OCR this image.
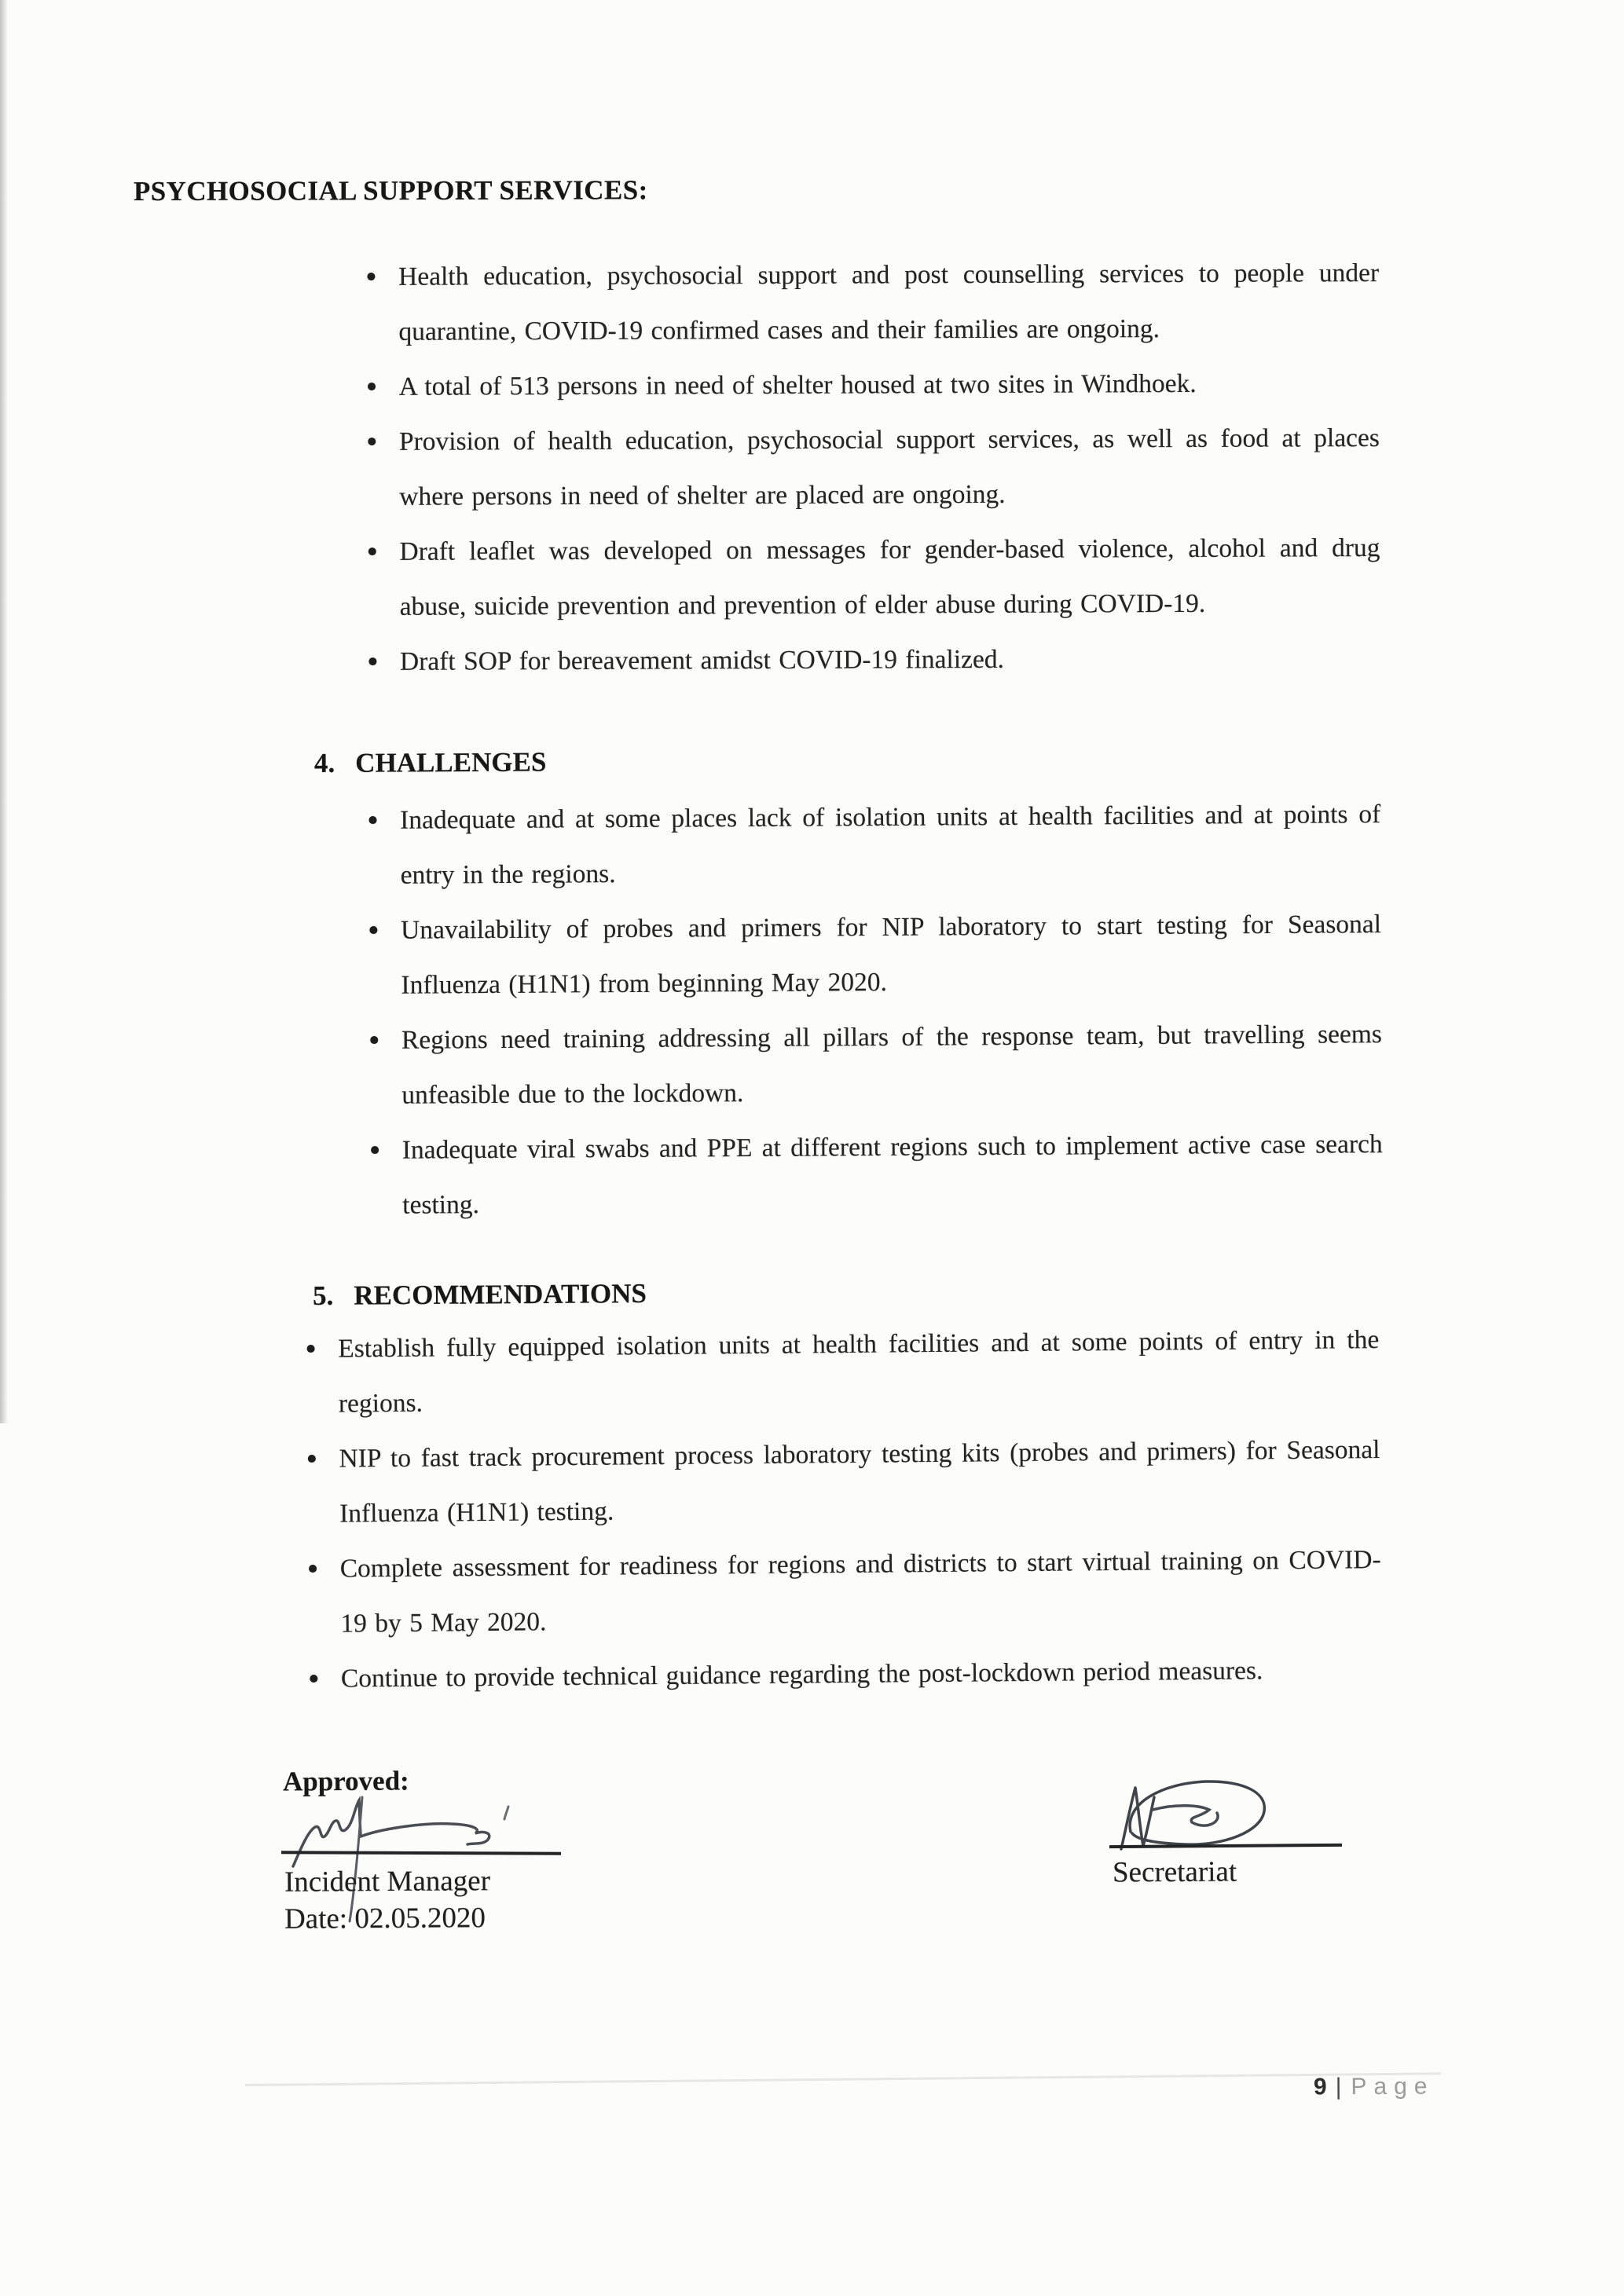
PSYCHOSOCIAL SUPPORT SERVICES:
•
Health education, psychosocial support and post counselling services to people under quarantine, COVID-19 confirmed cases and their families are ongoing.
•
A total of 513 persons in need of shelter housed at two sites in Windhoek.
•
Provision of health education, psychosocial support services, as well as food at places where persons in need of shelter are placed are ongoing.
•
Draft leaflet was developed on messages for gender-based violence, alcohol and drug abuse, suicide prevention and prevention of elder abuse during COVID-19.
•
Draft SOP for bereavement amidst COVID-19 finalized.
4. CHALLENGES
•
Inadequate and at some places lack of isolation units at health facilities and at points of entry in the regions.
•
Unavailability of probes and primers for NIP laboratory to start testing for Seasonal Influenza (H1N1) from beginning May 2020.
•
Regions need training addressing all pillars of the response team, but travelling seems unfeasible due to the lockdown.
•
Inadequate viral swabs and PPE at different regions such to implement active case search testing.
5. RECOMMENDATIONS
•
Establish fully equipped isolation units at health facilities and at some points of entry in the regions.
•
NIP to fast track procurement process laboratory testing kits (probes and primers) for Seasonal Influenza (H1N1) testing.
•
Complete assessment for readiness for regions and districts to start virtual training on COVID-19 by 5 May 2020.
•
Continue to provide technical guidance regarding the post-lockdown period measures.
Approved:
Incident Manager
Date: 02.05.2020
Secretariat
9 | Page
